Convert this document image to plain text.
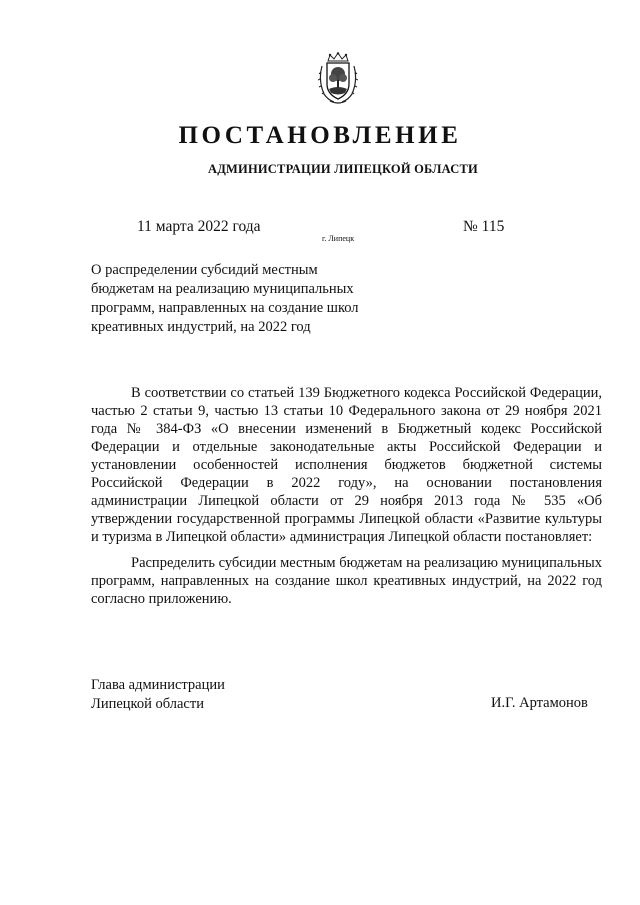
ПОСТАНОВЛЕНИЕ
АДМИНИСТРАЦИИ ЛИПЕЦКОЙ ОБЛАСТИ
11 марта 2022 года
г. Липецк
№ 115
О распределении субсидий местным
бюджетам на реализацию муниципальных
программ, направленных на создание школ
креативных индустрий, на 2022 год

В соответствии со статьей 139 Бюджетного кодекса Российской Федерации, частью 2 статьи 9, частью 13 статьи 10 Федерального закона от 29 ноября 2021 года № 384-ФЗ «О внесении изменений в Бюджетный кодекс Российской Федерации и отдельные законодательные акты Российской Федерации и установлении особенностей исполнения бюджетов бюджетной системы Российской Федерации в 2022 году», на основании постановления администрации Липецкой области от 29 ноября 2013 года № 535 «Об утверждении государственной программы Липецкой области «Развитие культуры и туризма в Липецкой области» администрация Липецкой области постановляет:

Распределить субсидии местным бюджетам на реализацию муниципальных программ, направленных на создание школ креативных индустрий, на 2022 год согласно приложению.

Глава администрации
Липецкой области	И.Г. Артамонов
